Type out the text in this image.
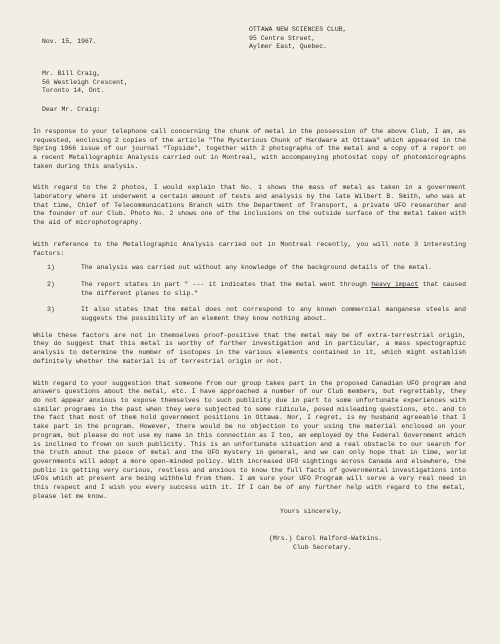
Nov. 15, 1967.
OTTAWA NEW SCIENCES CLUB,
95 Centre Street,
Aylmer East, Quebec.
Mr. Bill Craig,
56 Westleigh Crescent,
Toronto 14, Ont.
Dear Mr. Craig:

In response to your telephone call concerning the chunk of metal in the possession of the above Club, I am, as requested, enclosing 2 copies of the article "The Mysterious Chunk of Hardware at Ottawa" which appeared in the Spring 1966 issue of our journal "Topside", together with 2 photographs of the metal and a copy of a report on a recent Metallographic Analysis carried out in Montreal, with accompanying photostat copy of photomicrographs taken during this analysis.

With regard to the 2 photos, I would explain that No. 1 shows the mass of metal as taken in a government laboratory where it underwent a certain amount of tests and analysis by the late Wilbert B. Smith, who was at that time, Chief of Telecommunications Branch with the Department of Transport, a private UFO researcher and the founder of our Club. Photo No. 2 shows one of the inclusions on the outside surface of the metal taken with the aid of microphotography.

With reference to the Metallographic Analysis carried out in Montreal recently, you will note 3 interesting factors:

1)	The analysis was carried out without any knowledge of the background details of the metal.
2)	The report states in part " --- it indicates that the metal went through heavy impact that caused the different planes to slip."
3)	It also states that the metal does not correspond to any known commercial manganese steels and suggests the possibility of an element they know nothing about.

While these factors are not in themselves proof-positive that the metal may be of extra-terrestrial origin, they do suggest that this metal is worthy of further investigation and in particular, a mass spectographic analysis to determine the number of isotopes in the various elements contained in it, which might establish definitely whether the material is of terrestrial origin or not.

With regard to your suggestion that someone from our group takes part in the proposed Canadian UFO program and answers questions about the metal, etc. I have approached a number of our Club members, but regrettably, they do not appear anxious to expose themselves to such publicity due in part to some unfortunate experiences with similar programs in the past when they were subjected to some ridicule, posed misleading questions, etc. and to the fact that most of them hold government positions in Ottawa. Nor, I regret, is my husband agreeable that I take part in the program. However, there would be no objection to your using the material enclosed on your program, but please do not use my name in this connection as I too, am employed by the Federal Government which is inclined to frown on such publicity. This is an unfortunate situation and a real obstacle to our search for the truth about the piece of metal and the UFO mystery in general, and we can only hope that in time, world governments will adopt a more open-minded policy. With increased UFO sightings across Canada and elsewhere, the public is getting very curious, restless and anxious to know the full facts of governmental investigations into UFOs which at present are being withheld from them. I am sure your UFO Program will serve a very real need in this respect and I wish you every success with it. If I can be of any further help with regard to the metal, please let me know.

Yours sincerely,
(Mrs.) Carol Halford-Watkins.
Club Secretary.
